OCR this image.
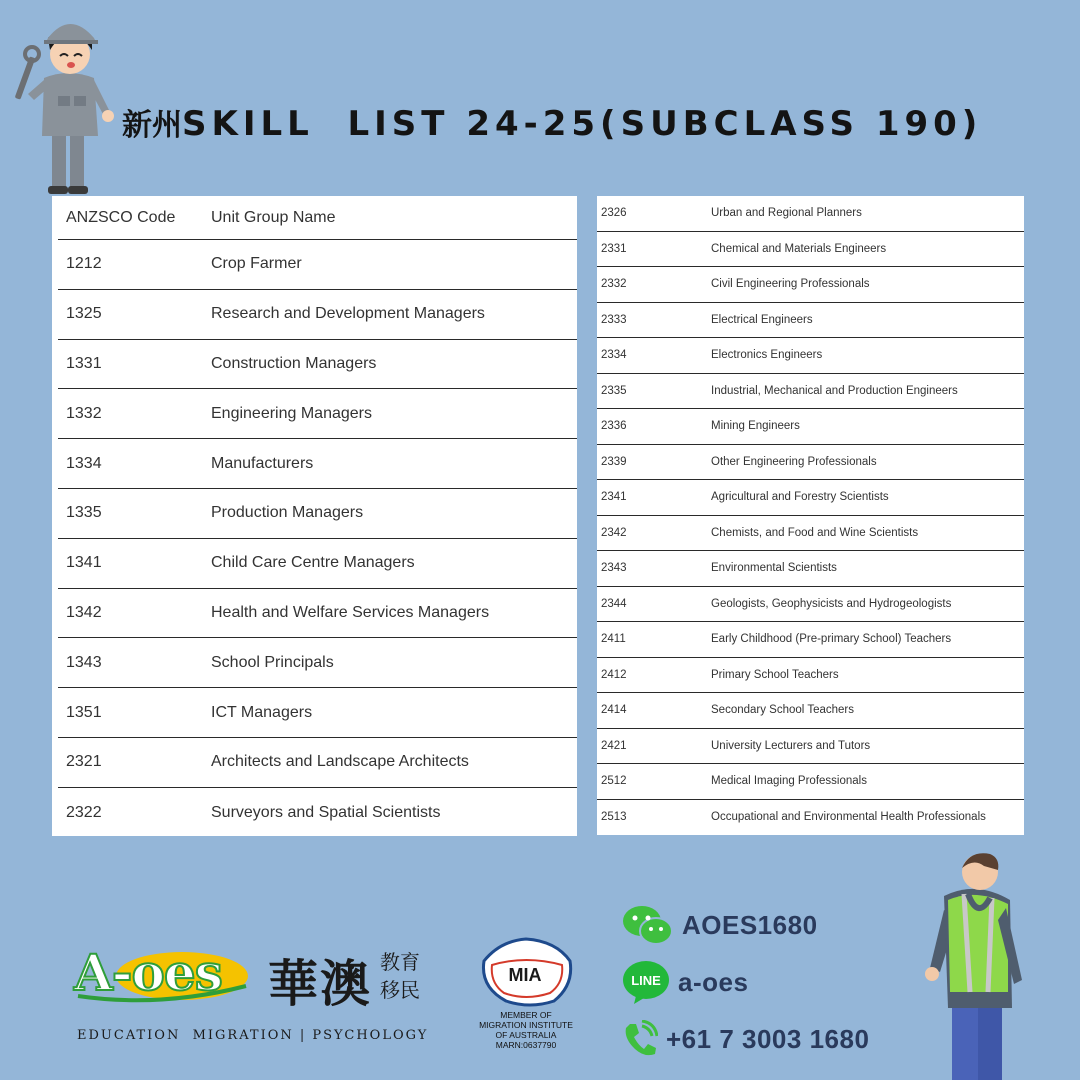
新州SKILL  LIST 24-25(SUBCLASS 190)
ANZSCO Code	Unit Group Name
1212	Crop Farmer
1325	Research and Development Managers
1331	Construction Managers
1332	Engineering Managers
1334	Manufacturers
1335	Production Managers
1341	Child Care Centre Managers
1342	Health and Welfare Services Managers
1343	School Principals
1351	ICT Managers
2321	Architects and Landscape Architects
2322	Surveyors and Spatial Scientists
2326	Urban and Regional Planners
2331	Chemical and Materials Engineers
2332	Civil Engineering Professionals
2333	Electrical Engineers
2334	Electronics Engineers
2335	Industrial, Mechanical and Production Engineers
2336	Mining Engineers
2339	Other Engineering Professionals
2341	Agricultural and Forestry Scientists
2342	Chemists, and Food and Wine Scientists
2343	Environmental Scientists
2344	Geologists, Geophysicists and Hydrogeologists
2411	Early Childhood (Pre-primary School) Teachers
2412	Primary School Teachers
2414	Secondary School Teachers
2421	University Lecturers and Tutors
2512	Medical Imaging Professionals
2513	Occupational and Environmental Health Professionals
A-oes 華澳 教育移民
EDUCATION  MIGRATION | PSYCHOLOGY
MIA
MEMBER OF
MIGRATION INSTITUTE
OF AUSTRALIA
MARN:0637790
AOES1680
LINE a-oes
+61 7 3003 1680
